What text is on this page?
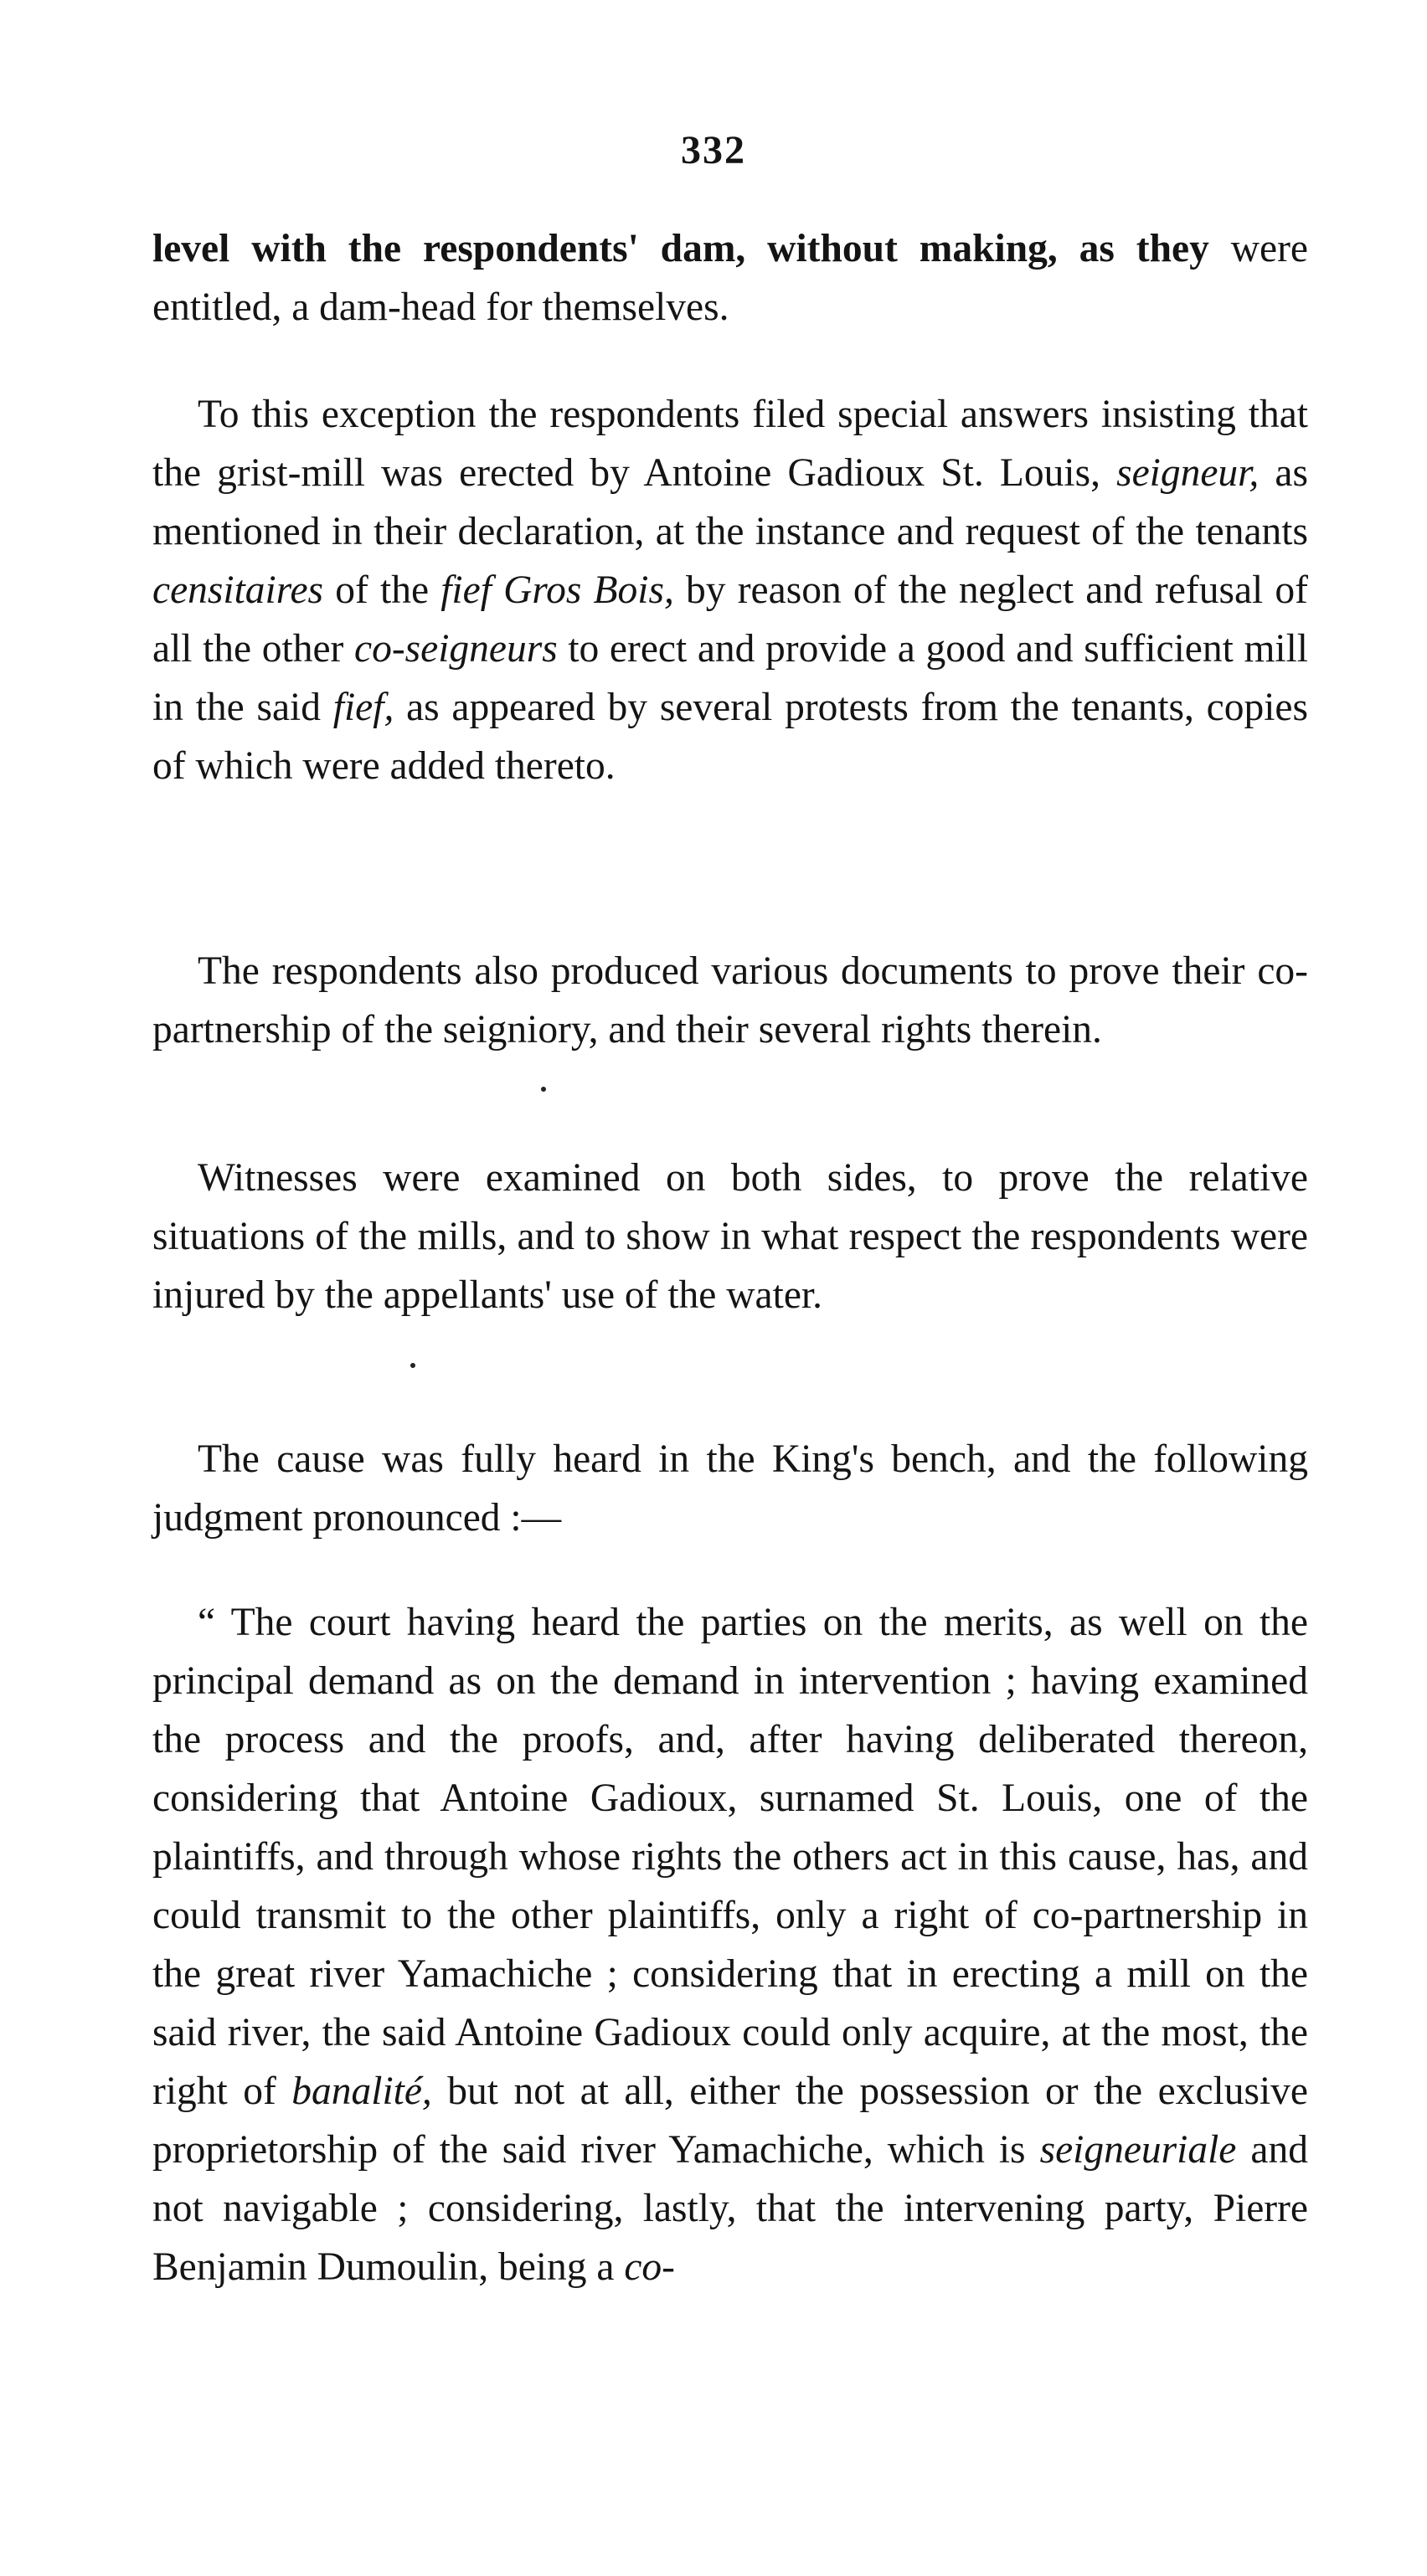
332

level with the respondents' dam, without making, as they were entitled, a dam-head for themselves.

To this exception the respondents filed special answers insisting that the grist-mill was erected by Antoine Gadioux St. Louis, seigneur, as mentioned in their declaration, at the instance and request of the tenants censitaires of the fief Gros Bois, by reason of the neglect and refusal of all the other co-seigneurs to erect and provide a good and sufficient mill in the said fief, as appeared by several protests from the tenants, copies of which were added thereto.

The respondents also produced various documents to prove their co-partnership of the seigniory, and their several rights therein.

Witnesses were examined on both sides, to prove the relative situations of the mills, and to show in what respect the respondents were injured by the appellants' use of the water.

The cause was fully heard in the King's bench, and the following judgment pronounced :—

“ The court having heard the parties on the merits, as well on the principal demand as on the demand in intervention ; having examined the process and the proofs, and, after having deliberated thereon, considering that Antoine Gadioux, surnamed St. Louis, one of the plaintiffs, and through whose rights the others act in this cause, has, and could transmit to the other plaintiffs, only a right of co-partnership in the great river Yamachiche ; considering that in erecting a mill on the said river, the said Antoine Gadioux could only acquire, at the most, the right of banalité, but not at all, either the possession or the exclusive proprietorship of the said river Yamachiche, which is seigneuriale and not navigable ; considering, lastly, that the intervening party, Pierre Benjamin Dumoulin, being a co-
